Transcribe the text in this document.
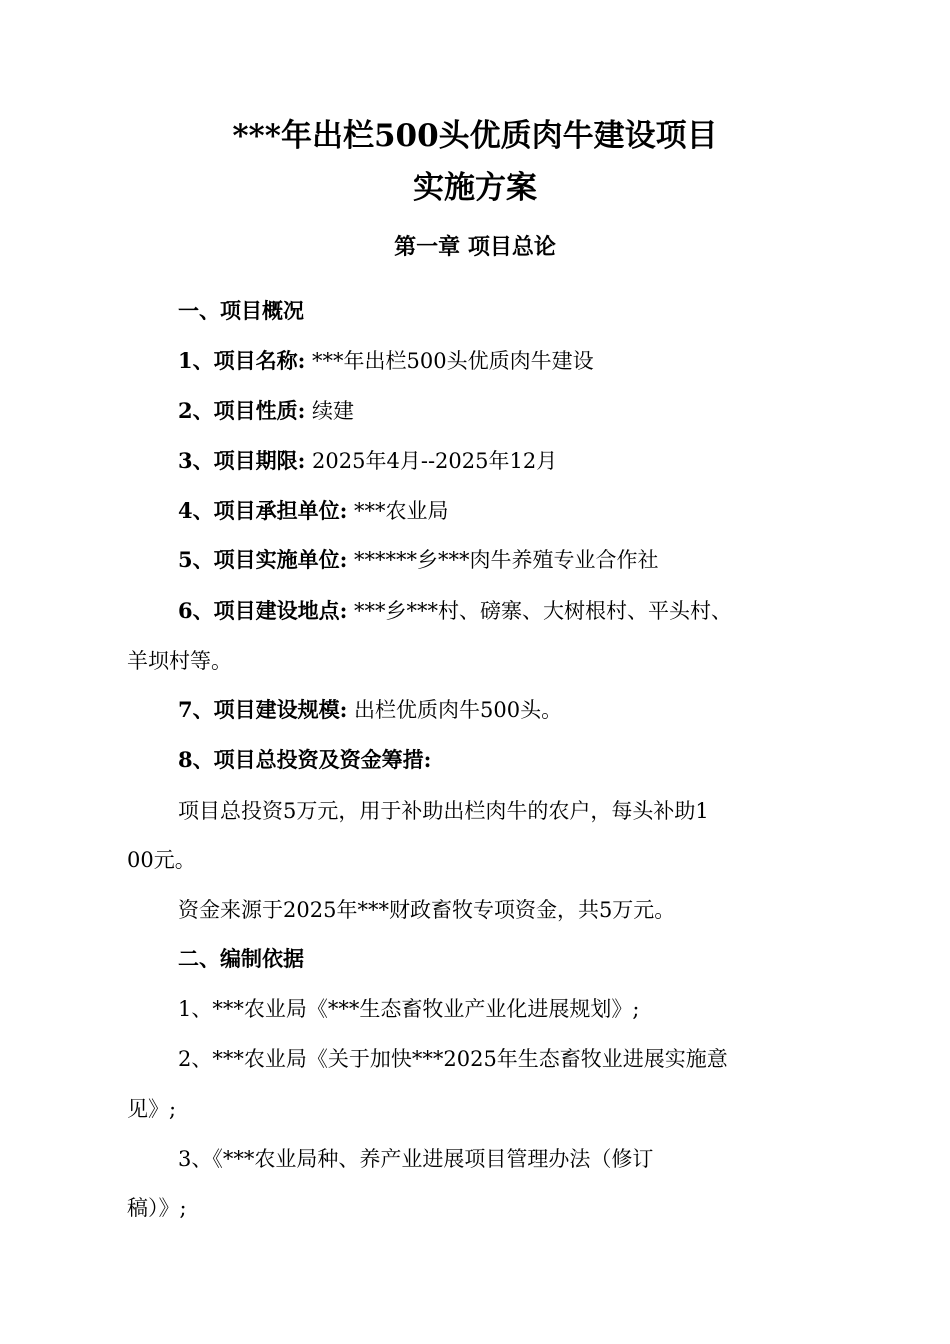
***年出栏500头优质肉牛建设项目
实施方案
第一章 项目总论
一、项目概况
1、项目名称: ***年出栏500头优质肉牛建设
2、项目性质: 续建
3、项目期限: 2025年4月--2025年12月
4、项目承担单位: ***农业局
5、项目实施单位: ******乡***肉牛养殖专业合作社
6、项目建设地点: ***乡***村、磅寨、大树根村、平头村、
羊坝村等。
7、项目建设规模: 出栏优质肉牛500头。
8、项目总投资及资金筹措:
项目总投资5万元，用于补助出栏肉牛的农户，每头补助1
00元。
资金来源于2025年***财政畜牧专项资金，共5万元。
二、编制依据
1、***农业局《***生态畜牧业产业化进展规划》;
2、***农业局《关于加快***2025年生态畜牧业进展实施意
见》;
3、《***农业局种、养产业进展项目管理办法（修订
稿）》;
